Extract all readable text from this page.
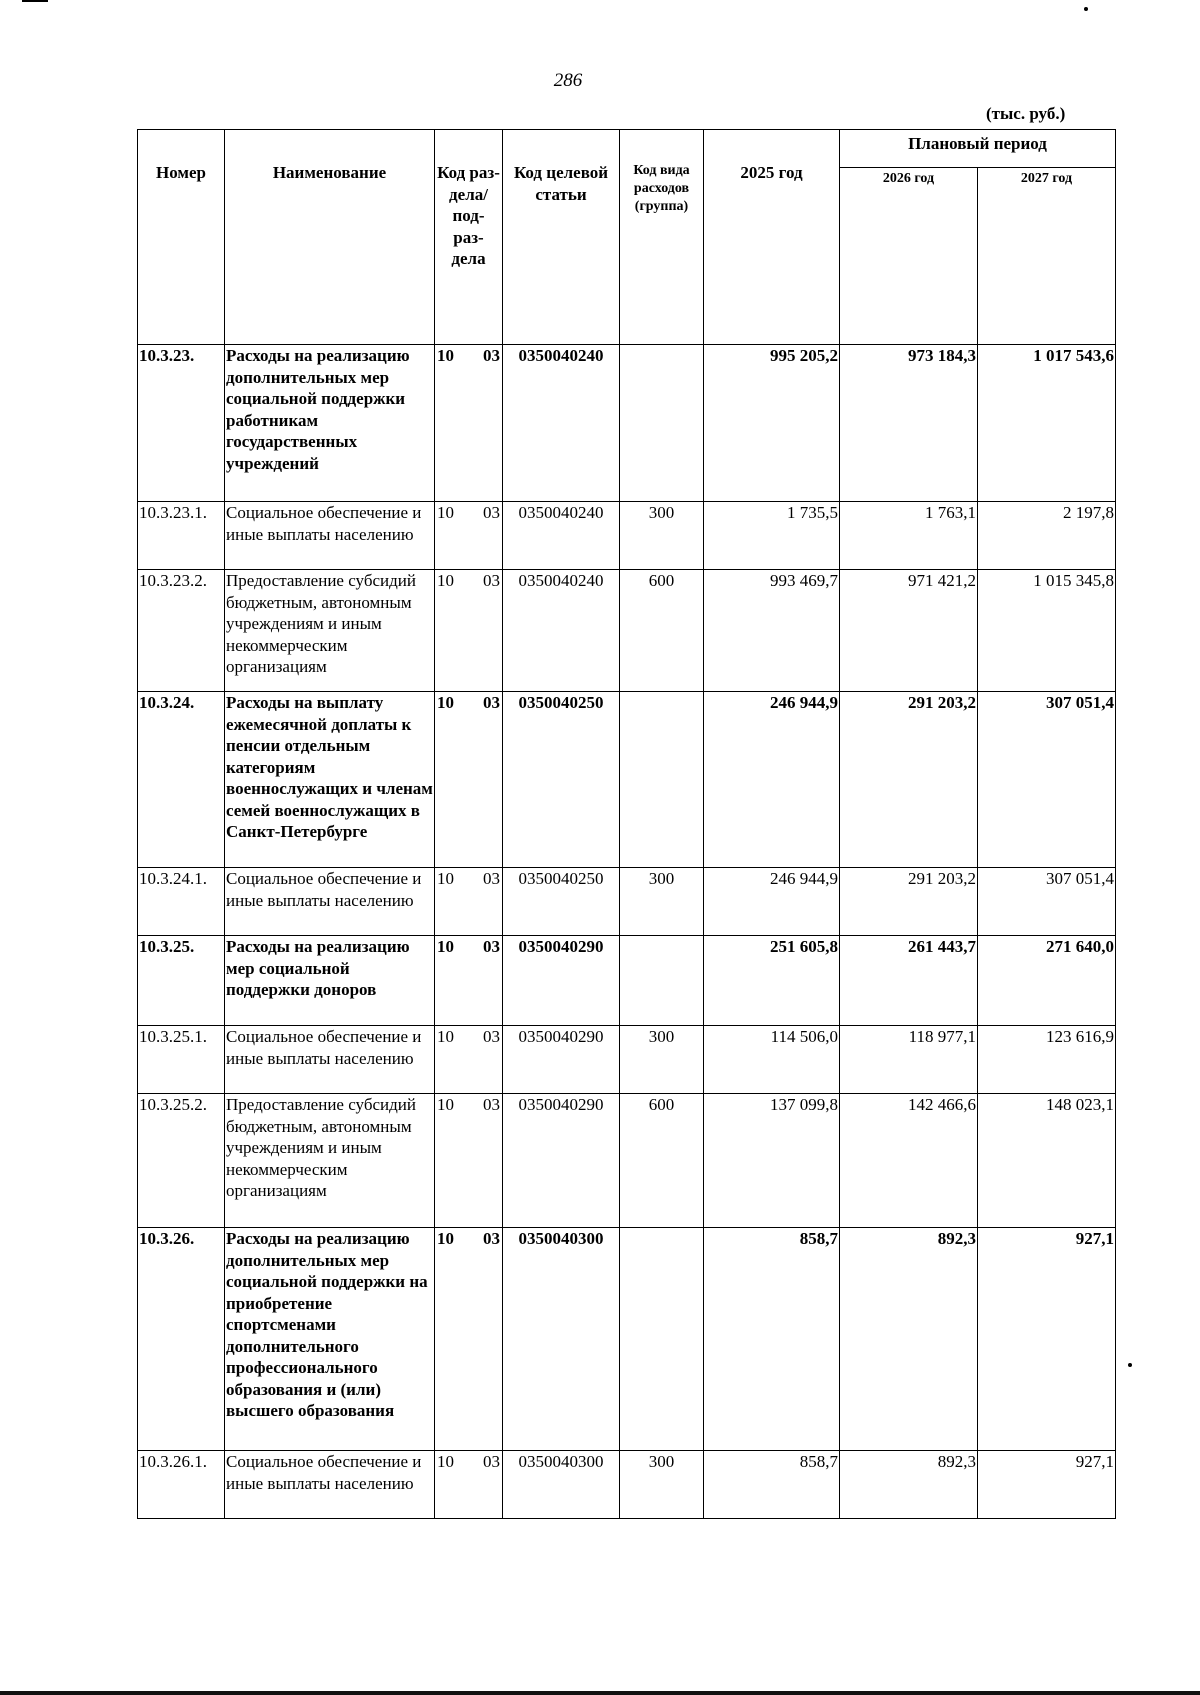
286
(тыс. руб.)
Номер	Наименование	Код раз- дела/ под- раз- дела	Код целевой статьи	Код вида расходов (группа)	2025 год	Плановый период	
						2026 год	2027 год
10.3.23.	Расходы на реализацию дополнительных мер социальной поддержки работникам государственных учреждений	10 03	0350040240		995 205,2	973 184,3	1 017 543,6
10.3.23.1.	Социальное обеспечение и иные выплаты населению	10 03	0350040240	300	1 735,5	1 763,1	2 197,8
10.3.23.2.	Предоставление субсидий бюджетным, автономным учреждениям и иным некоммерческим организациям	10 03	0350040240	600	993 469,7	971 421,2	1 015 345,8
10.3.24.	Расходы на выплату ежемесячной доплаты к пенсии отдельным категориям военнослужащих и членам семей военнослужащих в Санкт-Петербурге	10 03	0350040250		246 944,9	291 203,2	307 051,4
10.3.24.1.	Социальное обеспечение и иные выплаты населению	10 03	0350040250	300	246 944,9	291 203,2	307 051,4
10.3.25.	Расходы на реализацию мер социальной поддержки доноров	10 03	0350040290		251 605,8	261 443,7	271 640,0
10.3.25.1.	Социальное обеспечение и иные выплаты населению	10 03	0350040290	300	114 506,0	118 977,1	123 616,9
10.3.25.2.	Предоставление субсидий бюджетным, автономным учреждениям и иным некоммерческим организациям	10 03	0350040290	600	137 099,8	142 466,6	148 023,1
10.3.26.	Расходы на реализацию дополнительных мер социальной поддержки на приобретение спортсменами дополнительного профессионального образования и (или) высшего образования	10 03	0350040300		858,7	892,3	927,1
10.3.26.1.	Социальное обеспечение и иные выплаты населению	10 03	0350040300	300	858,7	892,3	927,1
